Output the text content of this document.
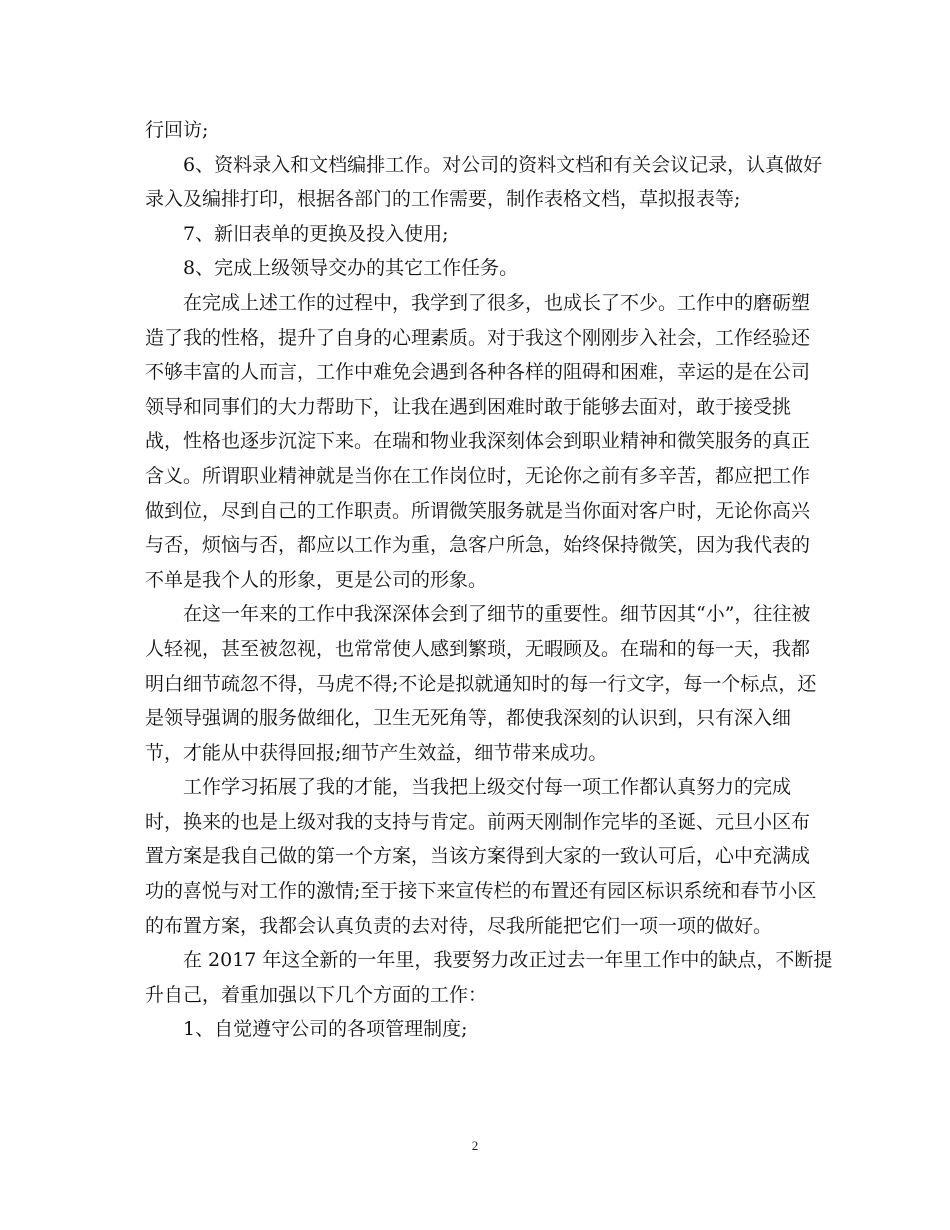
行回访;
6、资料录入和文档编排工作。对公司的资料文档和有关会议记录，认真做好
录入及编排打印，根据各部门的工作需要，制作表格文档，草拟报表等;
7、新旧表单的更换及投入使用;
8、完成上级领导交办的其它工作任务。
在完成上述工作的过程中，我学到了很多，也成长了不少。工作中的磨砺塑
造了我的性格，提升了自身的心理素质。对于我这个刚刚步入社会，工作经验还
不够丰富的人而言，工作中难免会遇到各种各样的阻碍和困难，幸运的是在公司
领导和同事们的大力帮助下，让我在遇到困难时敢于能够去面对，敢于接受挑
战，性格也逐步沉淀下来。在瑞和物业我深刻体会到职业精神和微笑服务的真正
含义。所谓职业精神就是当你在工作岗位时，无论你之前有多辛苦，都应把工作
做到位，尽到自己的工作职责。所谓微笑服务就是当你面对客户时，无论你高兴
与否，烦恼与否，都应以工作为重，急客户所急，始终保持微笑，因为我代表的
不单是我个人的形象，更是公司的形象。
在这一年来的工作中我深深体会到了细节的重要性。细节因其“小”，往往被
人轻视，甚至被忽视，也常常使人感到繁琐，无暇顾及。在瑞和的每一天，我都
明白细节疏忽不得，马虎不得;不论是拟就通知时的每一行文字，每一个标点，还
是领导强调的服务做细化，卫生无死角等，都使我深刻的认识到，只有深入细
节，才能从中获得回报;细节产生效益，细节带来成功。
工作学习拓展了我的才能，当我把上级交付每一项工作都认真努力的完成
时，换来的也是上级对我的支持与肯定。前两天刚制作完毕的圣诞、元旦小区布
置方案是我自己做的第一个方案，当该方案得到大家的一致认可后，心中充满成
功的喜悦与对工作的激情;至于接下来宣传栏的布置还有园区标识系统和春节小区
的布置方案，我都会认真负责的去对待，尽我所能把它们一项一项的做好。
在 2017 年这全新的一年里，我要努力改正过去一年里工作中的缺点，不断提
升自己，着重加强以下几个方面的工作：
1、自觉遵守公司的各项管理制度;
2
